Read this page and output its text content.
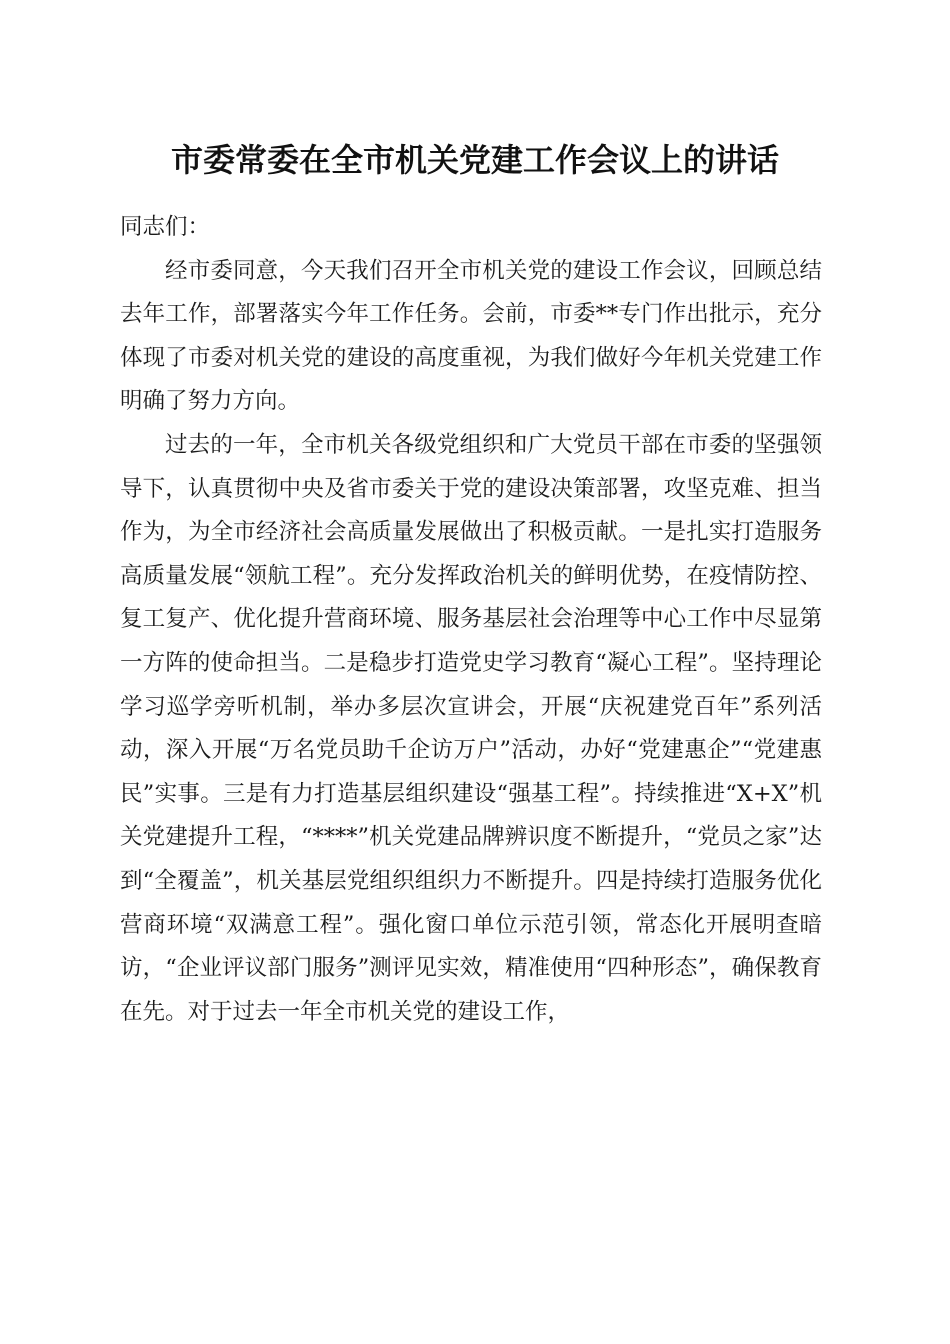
市委常委在全市机关党建工作会议上的讲话

同志们：

经市委同意，今天我们召开全市机关党的建设工作会议，回顾总结去年工作，部署落实今年工作任务。会前，市委**专门作出批示，充分体现了市委对机关党的建设的高度重视，为我们做好今年机关党建工作明确了努力方向。

过去的一年，全市机关各级党组织和广大党员干部在市委的坚强领导下，认真贯彻中央及省市委关于党的建设决策部署，攻坚克难、担当作为，为全市经济社会高质量发展做出了积极贡献。一是扎实打造服务高质量发展“领航工程”。充分发挥政治机关的鲜明优势，在疫情防控、复工复产、优化提升营商环境、服务基层社会治理等中心工作中尽显第一方阵的使命担当。二是稳步打造党史学习教育“凝心工程”。坚持理论学习巡学旁听机制，举办多层次宣讲会，开展“庆祝建党百年”系列活动，深入开展“万名党员助千企访万户”活动，办好“党建惠企”“党建惠民”实事。三是有力打造基层组织建设“强基工程”。持续推进“X+X”机关党建提升工程，“****”机关党建品牌辨识度不断提升，“党员之家”达到“全覆盖”，机关基层党组织组织力不断提升。四是持续打造服务优化营商环境“双满意工程”。强化窗口单位示范引领，常态化开展明查暗访，“企业评议部门服务”测评见实效，精准使用“四种形态”，确保教育在先。对于过去一年全市机关党的建设工作，
